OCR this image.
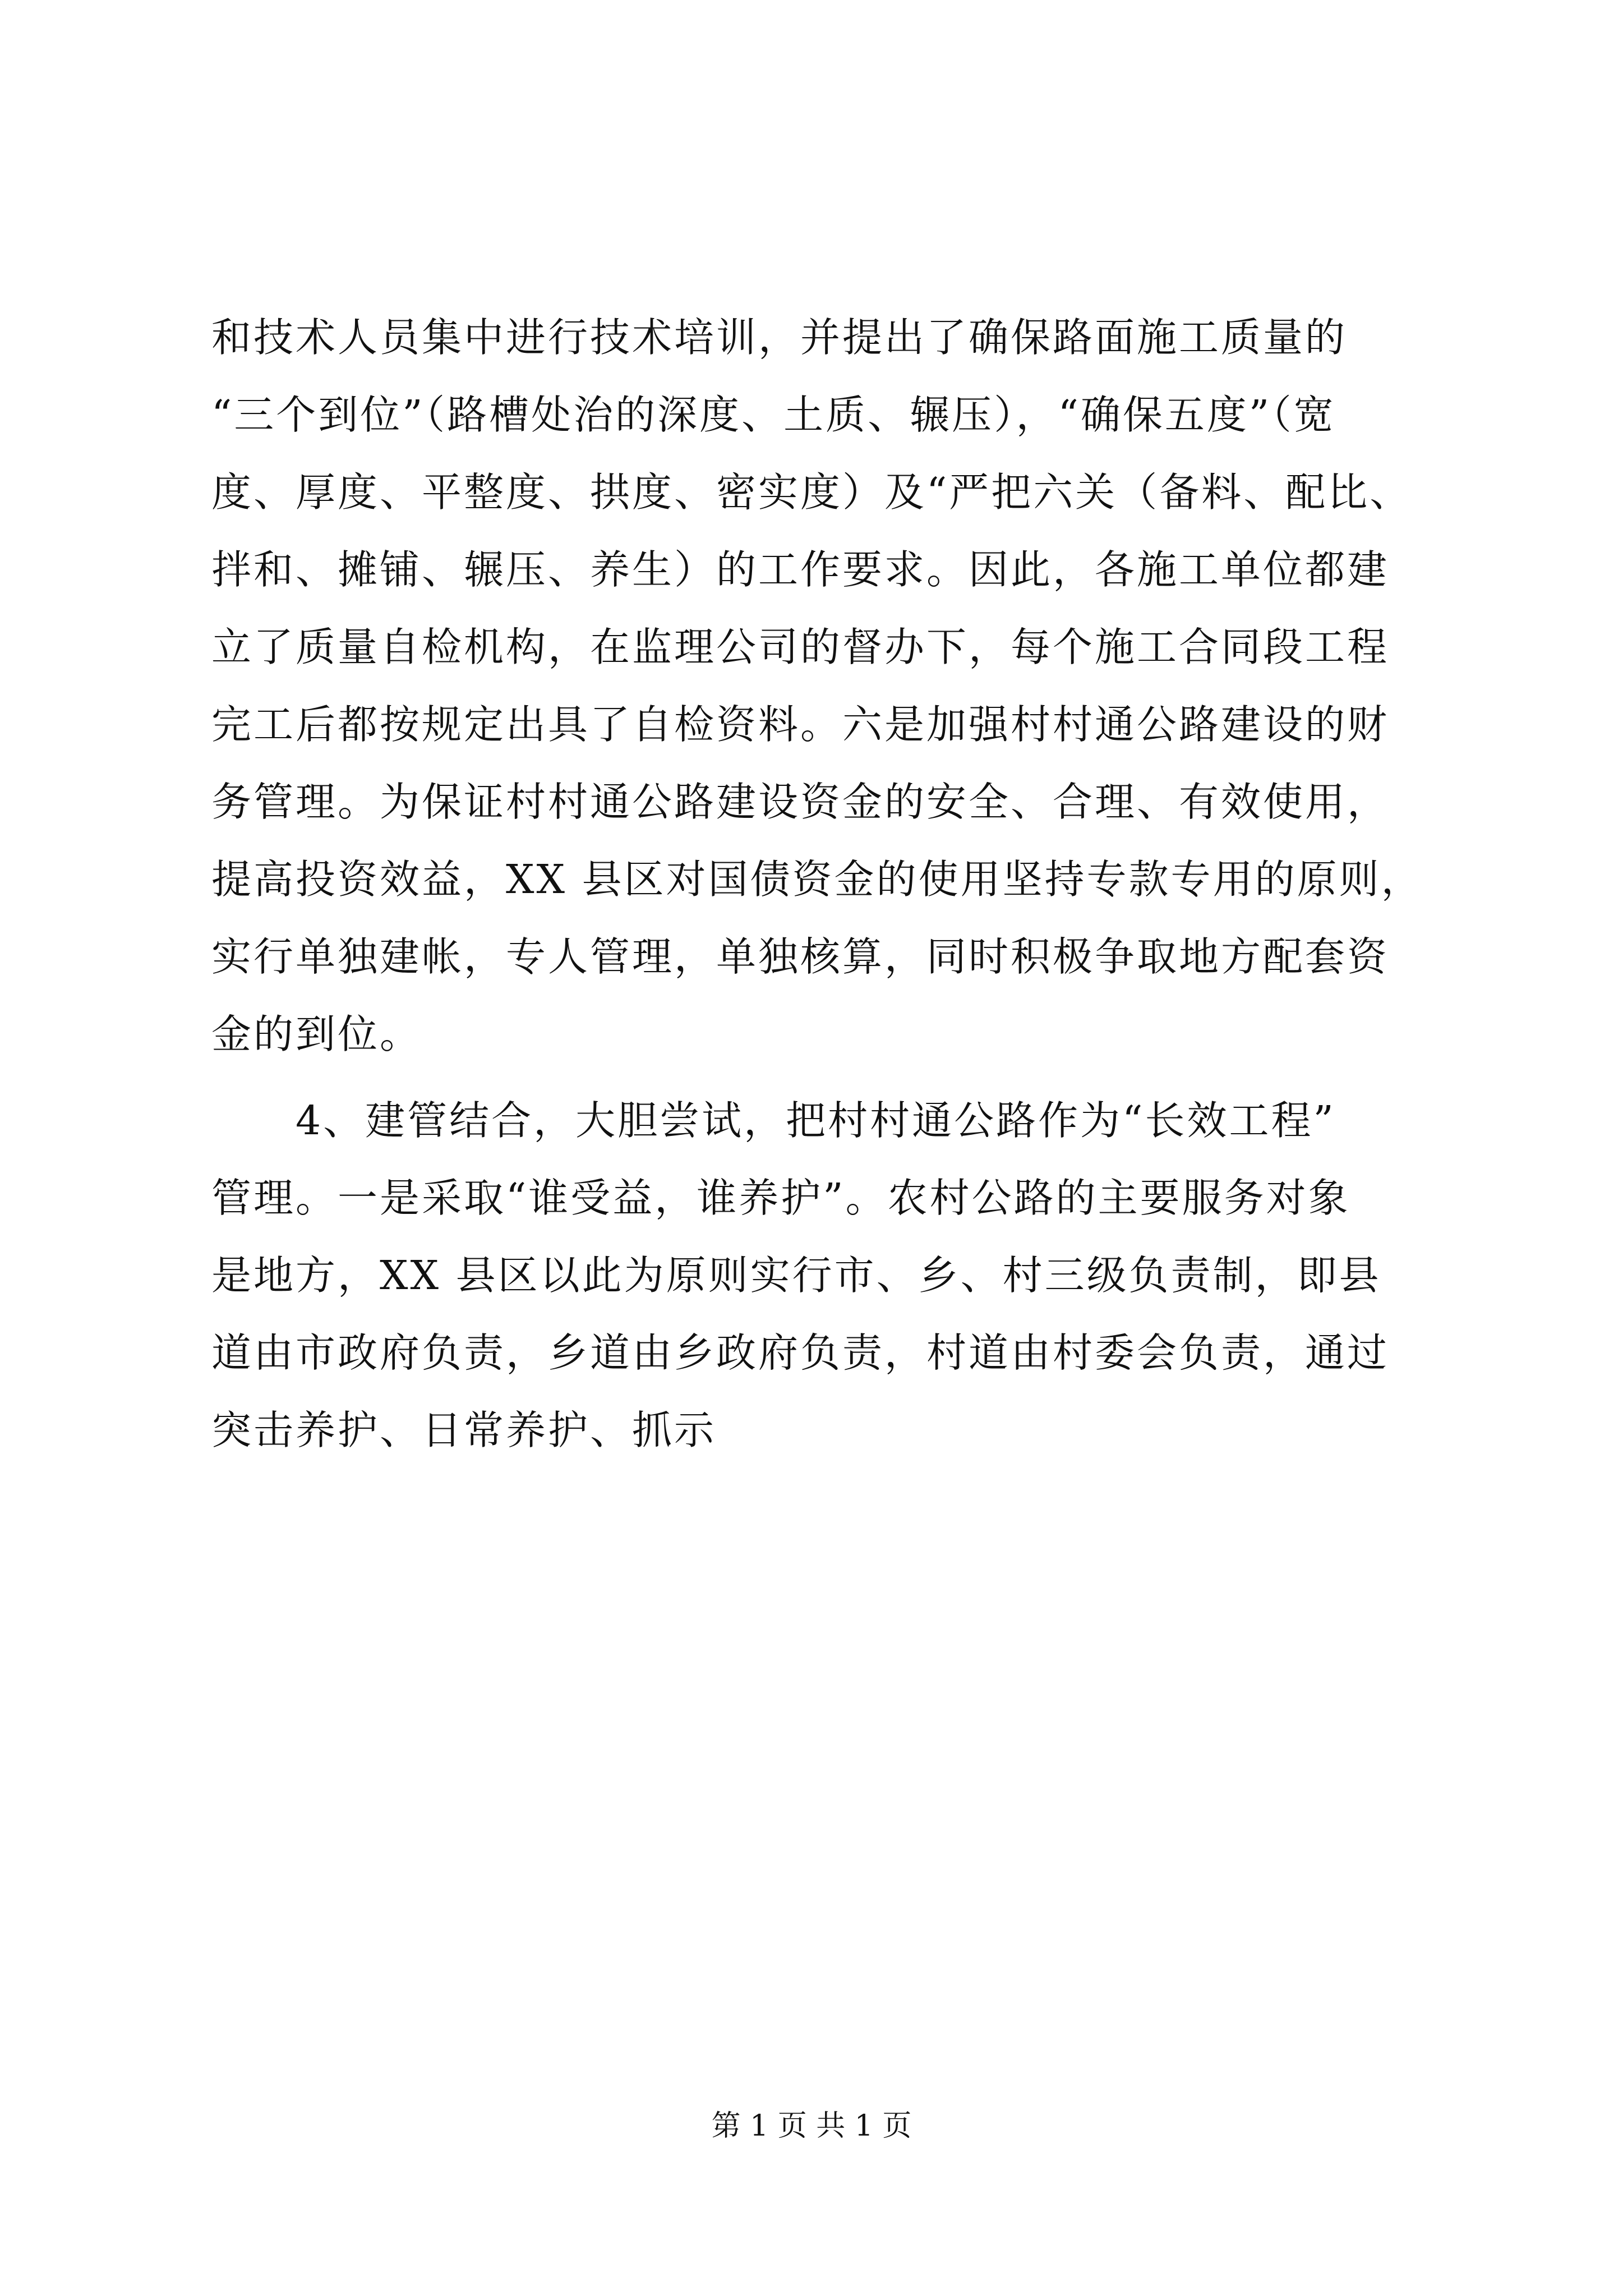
和技术人员集中进行技术培训，并提出了确保路面施工质量的
“三个到位”（路槽处治的深度、土质、辗压），“确保五度”（宽
度、厚度、平整度、拱度、密实度）及“严把六关（备料、配比、
拌和、摊铺、辗压、养生）的工作要求。因此，各施工单位都建
立了质量自检机构，在监理公司的督办下，每个施工合同段工程
完工后都按规定出具了自检资料。六是加强村村通公路建设的财
务管理。为保证村村通公路建设资金的安全、合理、有效使用，
提高投资效益，XX 县区对国债资金的使用坚持专款专用的原则，
实行单独建帐，专人管理，单独核算，同时积极争取地方配套资
金的到位。
4、建管结合，大胆尝试，把村村通公路作为“长效工程”
管理。一是采取“谁受益，谁养护”。农村公路的主要服务对象
是地方，XX 县区以此为原则实行市、乡、村三级负责制，即县
道由市政府负责，乡道由乡政府负责，村道由村委会负责，通过
突击养护、日常养护、抓示
第 1 页 共 1 页
